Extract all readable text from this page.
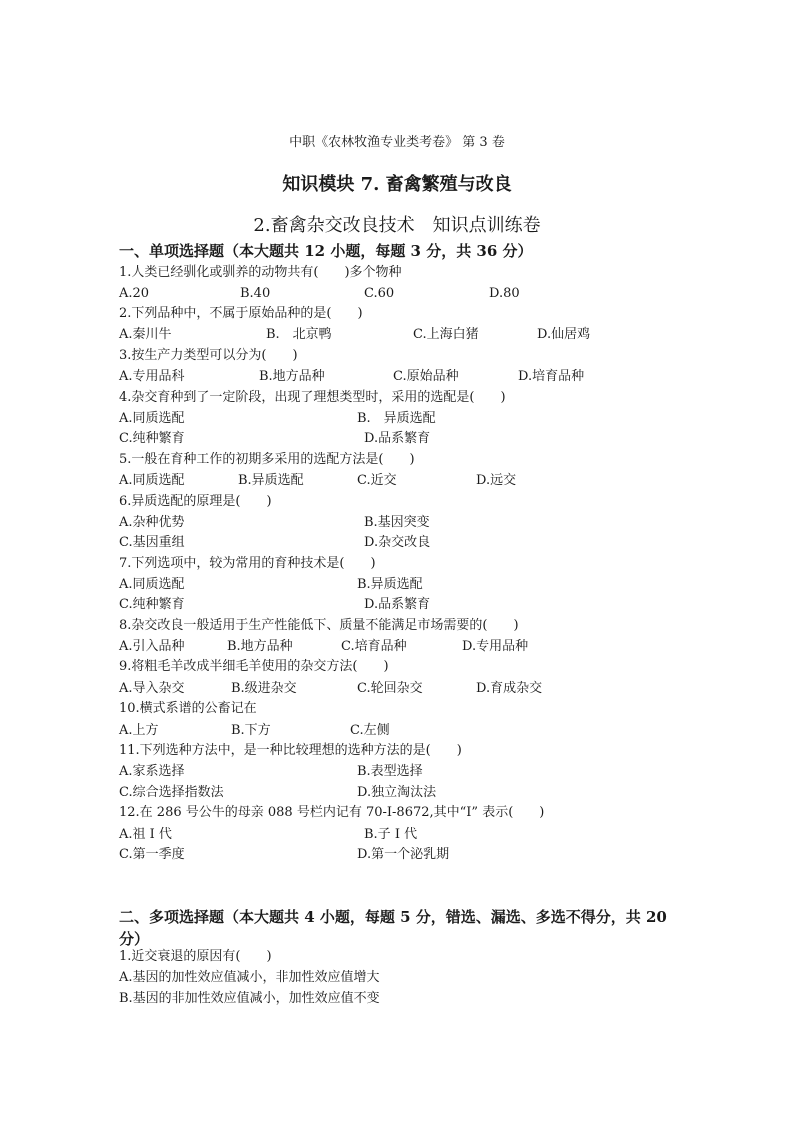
中职《农林牧渔专业类考卷》 第 3 卷
知识模块 7. 畜禽繁殖与改良
2.畜禽杂交改良技术　知识点训练卷
一、单项选择题（本大题共 12 小题，每题 3 分，共 36 分）
1.人类已经驯化或驯养的动物共有(　　)多个物种
A.20	B.40	C.60	D.80
2.下列品种中，不属于原始品种的是(　　)
A.秦川牛	B.　北京鸭	C.上海白猪	D.仙居鸡
3.按生产力类型可以分为(　　)
A.专用品科	B.地方品种	C.原始品种	D.培育品种
4.杂交育种到了一定阶段，出现了理想类型时，采用的选配是(　　)
A.同质选配	B.　异质选配
C.纯种繁育	D.品系繁育
5.一般在育种工作的初期多采用的选配方法是(　　)
A.同质选配	B.异质选配	C.近交	D.远交
6.异质选配的原理是(　　)
A.杂种优势	B.基因突变
C.基因重组	D.杂交改良
7.下列选项中，较为常用的育种技术是(　　)
A.同质选配	B.异质选配
C.纯种繁育	D.品系繁育
8.杂交改良一般适用于生产性能低下、质量不能满足市场需要的(　　)
A.引入品种	B.地方品种	C.培育品种	D.专用品种
9.将粗毛羊改成半细毛羊使用的杂交方法(　　)
A.导入杂交	B.级进杂交	C.轮回杂交	D.育成杂交
10.横式系谱的公畜记在
A.上方	B.下方	C.左侧
11.下列选种方法中，是一种比较理想的选种方法的是(　　)
A.家系选择	B.表型选择
C.综合选择指数法	D.独立淘汰法
12.在 286 号公牛的母亲 088 号栏内记有 70-I-8672,其中“I” 表示(　　)
A.祖 I 代	B.子 I 代
C.第一季度	D.第一个泌乳期
二、多项选择题（本大题共 4 小题，每题 5 分，错选、漏选、多选不得分，共 20 分）
1.近交衰退的原因有(　　)
A.基因的加性效应值减小，非加性效应值增大
B.基因的非加性效应值减小，加性效应值不变
